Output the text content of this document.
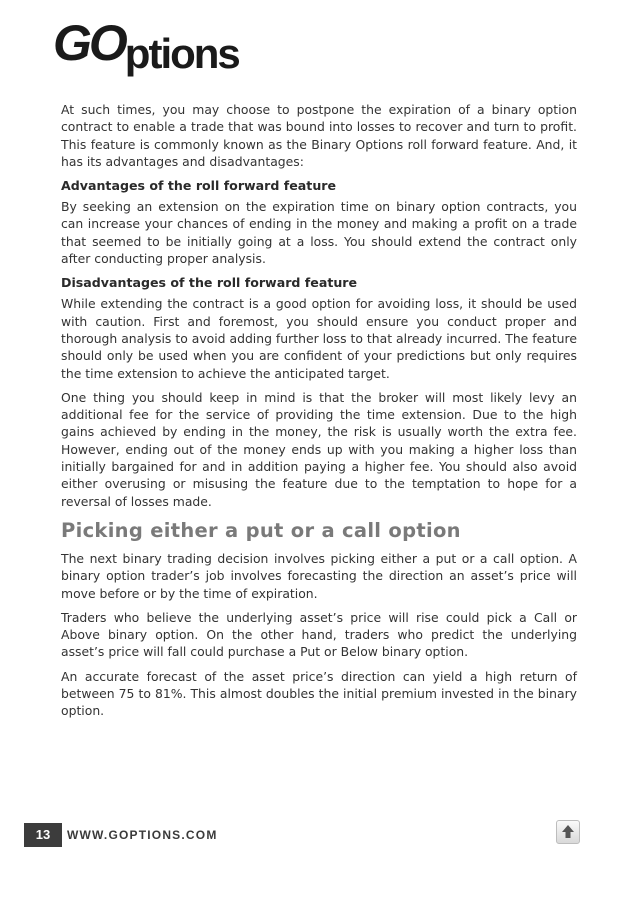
GOptions

At such times, you may choose to postpone the expiration of a binary option contract to enable a trade that was bound into losses to recover and turn to profit. This feature is commonly known as the Binary Options roll forward feature. And, it has its advantages and disadvantages:

Advantages of the roll forward feature

By seeking an extension on the expiration time on binary option contracts, you can increase your chances of ending in the money and making a profit on a trade that seemed to be initially going at a loss. You should extend the contract only after conducting proper analysis.

Disadvantages of the roll forward feature

While extending the contract is a good option for avoiding loss, it should be used with caution. First and foremost, you should ensure you conduct proper and thorough analysis to avoid adding further loss to that already incurred. The feature should only be used when you are confident of your predictions but only requires the time extension to achieve the anticipated target.

One thing you should keep in mind is that the broker will most likely levy an additional fee for the service of providing the time extension. Due to the high gains achieved by ending in the money, the risk is usually worth the extra fee. However, ending out of the money ends up with you making a higher loss than initially bargained for and in addition paying a higher fee. You should also avoid either overusing or misusing the feature due to the temptation to hope for a reversal of losses made.

Picking either a put or a call option

The next binary trading decision involves picking either a put or a call option. A binary option trader’s job involves forecasting the direction an asset’s price will move before or by the time of expiration.

Traders who believe the underlying asset’s price will rise could pick a Call or Above binary option. On the other hand, traders who predict the underlying asset’s price will fall could purchase a Put or Below binary option.

An accurate forecast of the asset price’s direction can yield a high return of between 75 to 81%. This almost doubles the initial premium invested in the binary option.

13	WWW.GOPTIONS.COM
